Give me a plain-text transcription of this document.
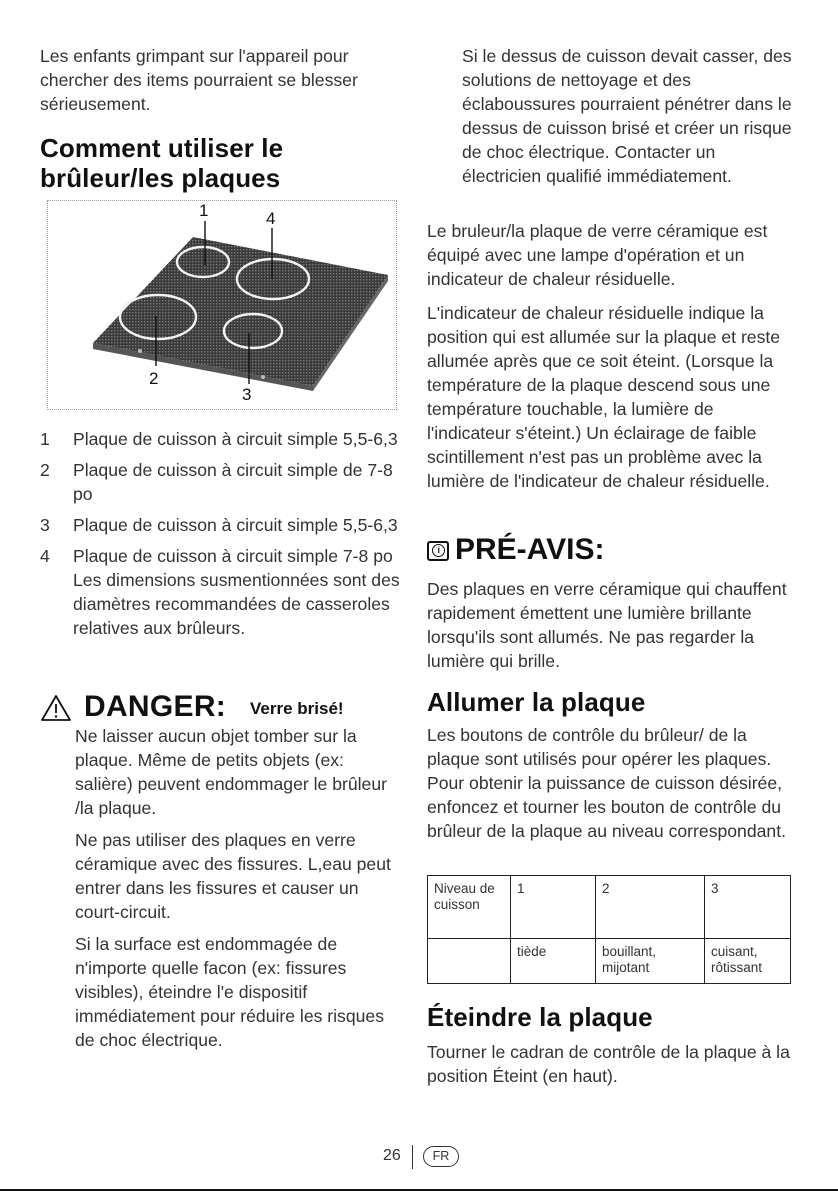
Les enfants grimpant sur l'appareil pour chercher des items pourraient se blesser sérieusement.

Comment utiliser le
brûleur/les plaques
1	4
2
3
1 Plaque de cuisson à circuit simple 5,5-6,3
2 Plaque de cuisson à circuit simple de 7-8 po
3 Plaque de cuisson à circuit simple 5,5-6,3
4 Plaque de cuisson à circuit simple 7-8 po Les dimensions susmentionnées sont des diamètres recommandées de casseroles relatives aux brûleurs.
DANGER: Verre brisé!

Ne laisser aucun objet tomber sur la plaque. Même de petits objets (ex: salière) peuvent endommager le brûleur /la plaque.

Ne pas utiliser des plaques en verre céramique avec des fissures. L,eau peut entrer dans les fissures et causer un court-circuit.

Si la surface est endommagée de n'importe quelle facon (ex: fissures visibles), éteindre l'e dispositif immédiatement pour réduire les risques de choc électrique.

Si le dessus de cuisson devait casser, des solutions de nettoyage et des éclaboussures pourraient pénétrer dans le dessus de cuisson brisé et créer un risque de choc électrique. Contacter un électricien qualifié immédiatement.

Le bruleur/la plaque de verre céramique est équipé avec une lampe d'opération et un indicateur de chaleur résiduelle.

L'indicateur de chaleur résiduelle indique la position qui est allumée sur la plaque et reste allumée après que ce soit éteint. (Lorsque la température de la plaque descend sous une température touchable, la lumière de l'indicateur s'éteint.) Un éclairage de faible scintillement n'est pas un problème avec la lumière de l'indicateur de chaleur résiduelle.

i PRÉ-AVIS:

Des plaques en verre céramique qui chauffent rapidement émettent une lumière brillante lorsqu'ils sont allumés. Ne pas regarder la lumière qui brille.

Allumer la plaque

Les boutons de contrôle du brûleur/ de la plaque sont utilisés pour opérer les plaques. Pour obtenir la puissance de cuisson désirée, enfoncez et tourner les bouton de contrôle du brûleur de la plaque au niveau correspondant.

Niveau de cuisson	1	2	3
	tiède	bouillant, mijotant	cuisant, rôtissant
Éteindre la plaque

Tourner le cadran de contrôle de la plaque à la position Éteint (en haut).

26	FR
